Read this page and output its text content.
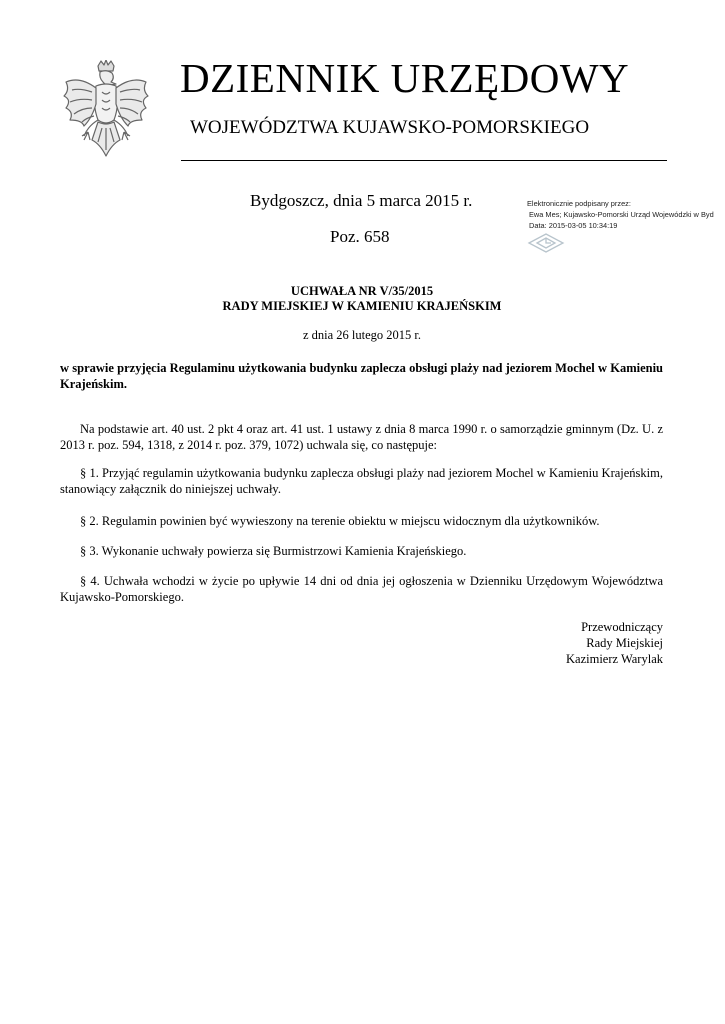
DZIENNIK URZĘDOWY
WOJEWÓDZTWA KUJAWSKO-POMORSKIEGO
Bydgoszcz, dnia 5 marca 2015 r.
Poz. 658
Elektronicznie podpisany przez:
Ewa Mes; Kujawsko-Pomorski Urząd Wojewódzki w Byd
Data: 2015-03-05 10:34:19
UCHWAŁA NR V/35/2015
RADY MIEJSKIEJ W KAMIENIU KRAJEŃSKIM
z dnia 26 lutego 2015 r.
w sprawie przyjęcia Regulaminu użytkowania budynku zaplecza obsługi plaży nad jeziorem Mochel w Kamieniu Krajeńskim.
Na podstawie art. 40 ust. 2 pkt 4 oraz art. 41 ust. 1 ustawy z dnia 8 marca 1990 r. o samorządzie gminnym (Dz. U. z 2013 r. poz. 594, 1318, z 2014 r. poz. 379, 1072) uchwala się, co następuje:
§ 1. Przyjąć regulamin użytkowania budynku zaplecza obsługi plaży nad jeziorem Mochel w Kamieniu Krajeńskim, stanowiący załącznik do niniejszej uchwały.
§ 2. Regulamin powinien być wywieszony na terenie obiektu w miejscu widocznym dla użytkowników.
§ 3. Wykonanie uchwały powierza się Burmistrzowi Kamienia Krajeńskiego.
§ 4. Uchwała wchodzi w życie po upływie 14 dni od dnia jej ogłoszenia w Dzienniku Urzędowym Województwa Kujawsko-Pomorskiego.
Przewodniczący
Rady Miejskiej
Kazimierz Warylak
